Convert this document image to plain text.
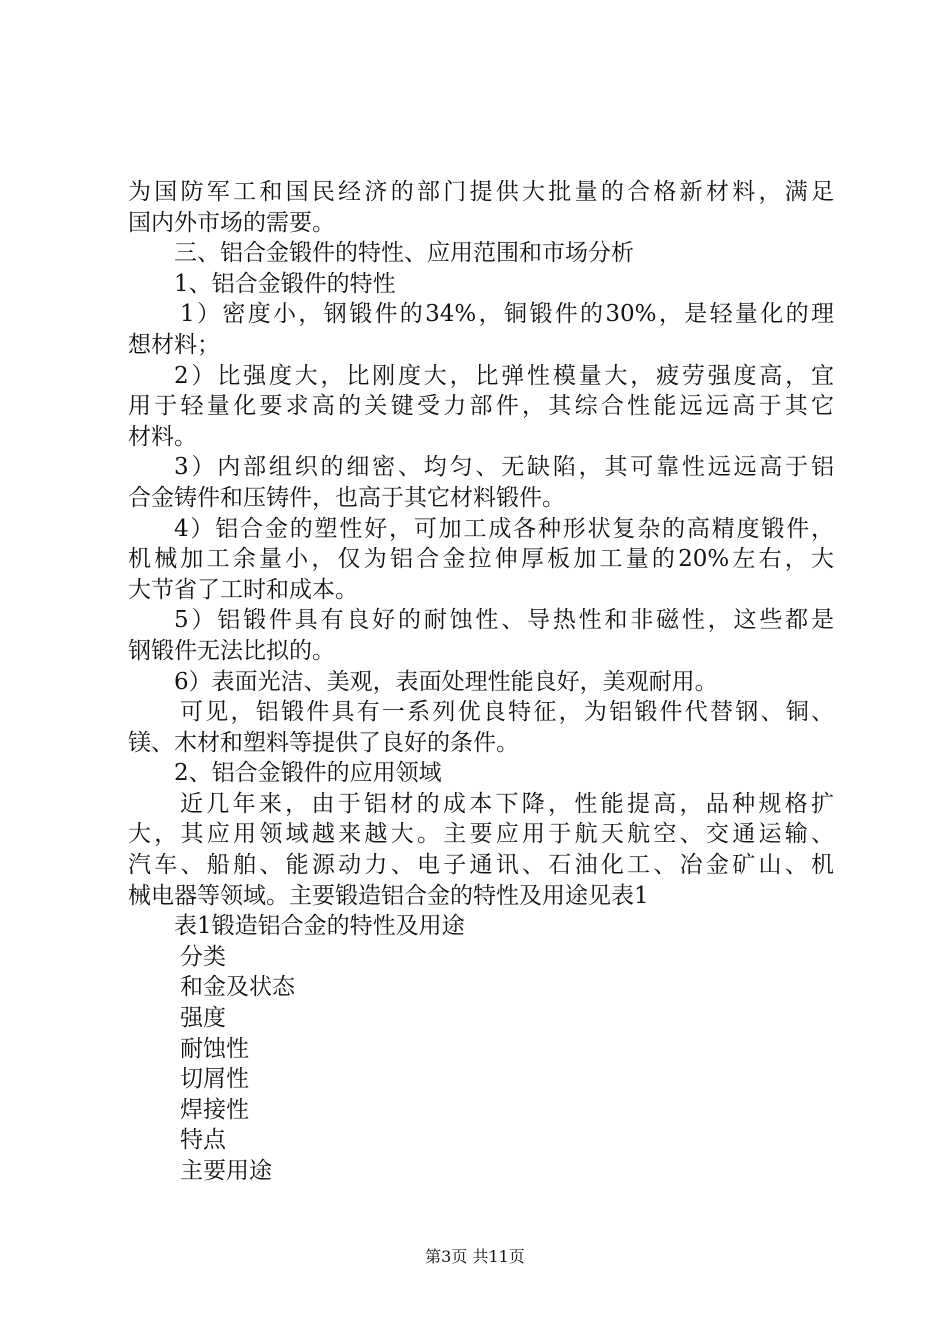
为国防军工和国民经济的部门提供大批量的合格新材料，满足
国内外市场的需要。
三、铝合金锻件的特性、应用范围和市场分析
1、铝合金锻件的特性
1）密度小，钢锻件的34%，铜锻件的30%，是轻量化的理
想材料；
2）比强度大，比刚度大，比弹性模量大，疲劳强度高，宜
用于轻量化要求高的关键受力部件，其综合性能远远高于其它
材料。
3）内部组织的细密、均匀、无缺陷，其可靠性远远高于铝
合金铸件和压铸件，也高于其它材料锻件。
4）铝合金的塑性好，可加工成各种形状复杂的高精度锻件，
机械加工余量小，仅为铝合金拉伸厚板加工量的20%左右，大
大节省了工时和成本。
5）铝锻件具有良好的耐蚀性、导热性和非磁性，这些都是
钢锻件无法比拟的。
6）表面光洁、美观，表面处理性能良好，美观耐用。
可见，铝锻件具有一系列优良特征，为铝锻件代替钢、铜、
镁、木材和塑料等提供了良好的条件。
2、铝合金锻件的应用领域
近几年来，由于铝材的成本下降，性能提高，品种规格扩
大，其应用领域越来越大。主要应用于航天航空、交通运输、
汽车、船舶、能源动力、电子通讯、石油化工、冶金矿山、机
械电器等领域。主要锻造铝合金的特性及用途见表1
表1锻造铝合金的特性及用途
分类
和金及状态
强度
耐蚀性
切屑性
焊接性
特点
主要用途
第3页 共11页
